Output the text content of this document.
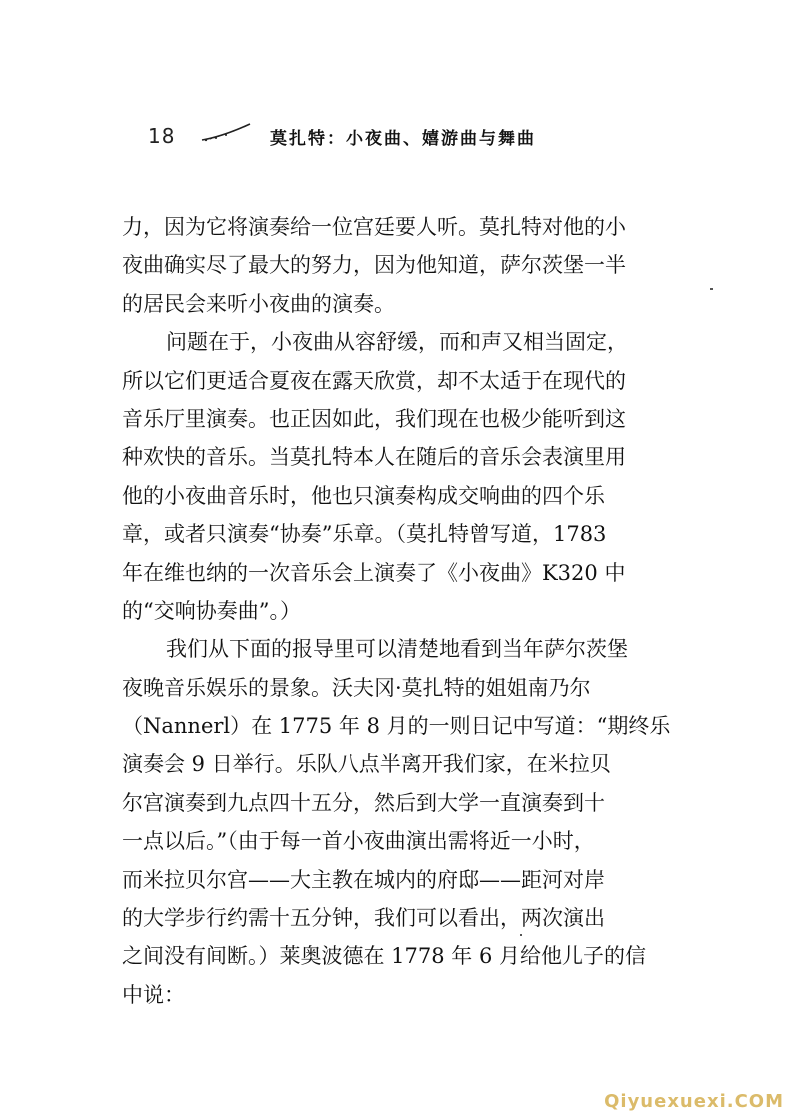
18	莫扎特：小夜曲、嬉游曲与舞曲
力，因为它将演奏给一位宫廷要人听。莫扎特对他的小
夜曲确实尽了最大的努力，因为他知道，萨尔茨堡一半
的居民会来听小夜曲的演奏。
问题在于，小夜曲从容舒缓，而和声又相当固定，
所以它们更适合夏夜在露天欣赏，却不太适于在现代的
音乐厅里演奏。也正因如此，我们现在也极少能听到这
种欢快的音乐。当莫扎特本人在随后的音乐会表演里用
他的小夜曲音乐时，他也只演奏构成交响曲的四个乐
章，或者只演奏“协奏”乐章。（莫扎特曾写道，1783
年在维也纳的一次音乐会上演奏了《小夜曲》K320 中
的“交响协奏曲”。）
我们从下面的报导里可以清楚地看到当年萨尔茨堡
夜晚音乐娱乐的景象。沃夫冈·莫扎特的姐姐南乃尔
（Nannerl）在 1775 年 8 月的一则日记中写道：“期终乐
演奏会 9 日举行。乐队八点半离开我们家，在米拉贝
尔宫演奏到九点四十五分，然后到大学一直演奏到十
一点以后。”（由于每一首小夜曲演出需将近一小时，
而米拉贝尔宫——大主教在城内的府邸——距河对岸
的大学步行约需十五分钟，我们可以看出，两次演出
之间没有间断。）莱奥波德在 1778 年 6 月给他儿子的信
中说：
Qiyuexuexi.COM
